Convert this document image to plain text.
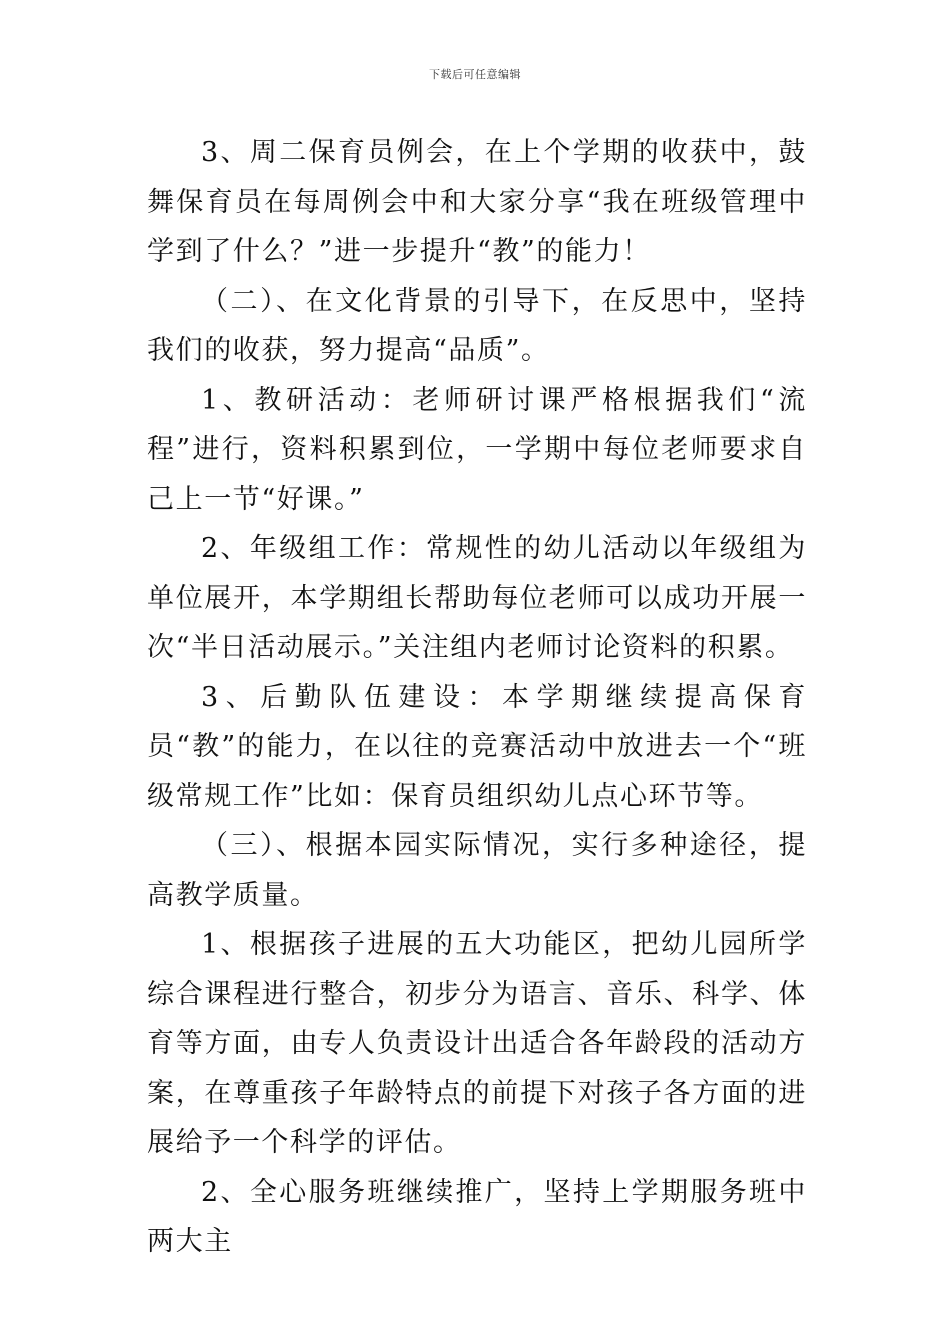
下载后可任意编辑

3、周二保育员例会，在上个学期的收获中，鼓舞保育员在每周例会中和大家分享“我在班级管理中学到了什么？”进一步提升“教”的能力！

（二）、在文化背景的引导下，在反思中，坚持我们的收获，努力提高“品质”。

1、教研活动：老师研讨课严格根据我们“流程”进行，资料积累到位，一学期中每位老师要求自己上一节“好课。”

2、年级组工作：常规性的幼儿活动以年级组为单位展开，本学期组长帮助每位老师可以成功开展一次“半日活动展示。”关注组内老师讨论资料的积累。

3、后勤队伍建设：本学期继续提高保育员“教”的能力，在以往的竞赛活动中放进去一个“班级常规工作”比如：保育员组织幼儿点心环节等。

（三）、根据本园实际情况，实行多种途径，提高教学质量。

1、根据孩子进展的五大功能区，把幼儿园所学综合课程进行整合，初步分为语言、音乐、科学、体育等方面，由专人负责设计出适合各年龄段的活动方案，在尊重孩子年龄特点的前提下对孩子各方面的进展给予一个科学的评估。

2、全心服务班继续推广，坚持上学期服务班中两大主
